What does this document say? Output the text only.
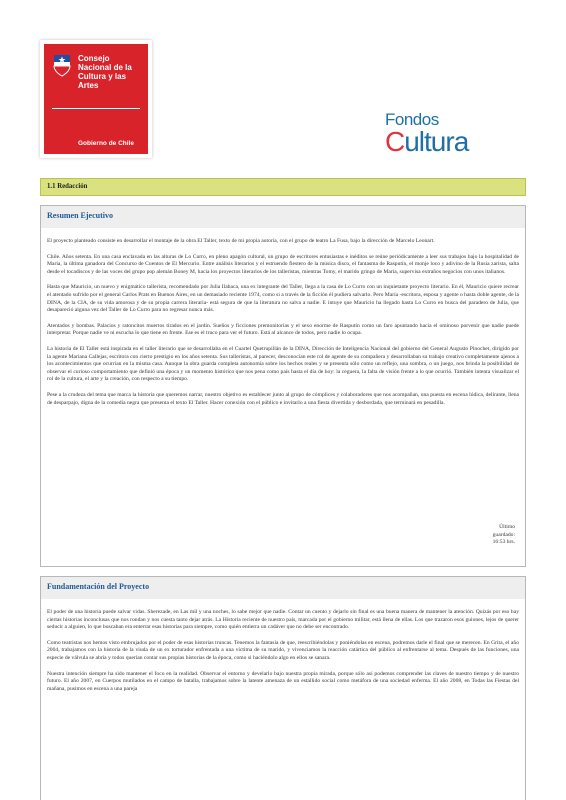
Consejo Nacional de la Cultura y las Artes
Gobierno de Chile
Fondos
Cultura
1.1 Redacción
Resumen Ejecutivo

El proyecto planteado consiste en desarrollar el montaje de la obra El Taller, texto de mi propia autoría, con el grupo de teatro La Fusa, bajo la dirección de Marcelo Leonart.

Chile. Años setenta. En una casa enclavada en las alturas de Lo Curro, en pleno apagón cultural, un grupo de escritores entusiastas e inéditos se reúne periódicamente a leer sus trabajos bajo la hospitalidad de María, la última ganadora del Concurso de Cuentos de El Mercurio. Entre análisis literarios y el estruendo fiestero de la música disco, el fantasma de Rasputín, el monje loco y adivino de la Rusia zarista, salta desde el tocadiscos y de las voces del grupo pop alemán Boney M, hacia los proyectos literarios de los talleristas, mientras Tomy, el marido gringo de María, supervisa extraños negocios con unos italianos.

Hasta que Mauricio, un nuevo y enigmático tallerista, recomendado por Julia Ilabaca, una ex integrante del Taller, llega a la casa de Lo Curro con un inquietante proyecto literario. En él, Mauricio quiere recrear el atentado sufrido por el general Carlos Prats en Buenos Aires, en un demasiado reciente 1974, como si a través de la ficción él pudiera salvarlo. Pero María -escritora, esposa y agente o hasta doble agente, de la DINA, de la CIA, de su vida amorosa y de su propia carrera literaria- está segura de que la literatura no salva a nadie. E intuye que Mauricio ha llegado hasta Lo Curro en busca del paradero de Julia, que desapareció alguna vez del Taller de Lo Curro para no regresar nunca más.

Atentados y bombas. Palacios y ratoncitos muertos tirados en el jardín. Sueños y ficciones premonitorias y el sexo enorme de Rasputín como un faro apuntando hacia el ominoso porvenir que nadie puede interpretar. Porque nadie ve ni escucha lo que tiene en frente. Ese es el truco para ver el futuro. Está al alcance de todos, pero nadie lo ocupa.

La historia de El Taller está inspirada en el taller literario que se desarrollaba en el Cuartel Quetrupillán de la DINA, Dirección de Inteligencia Nacional del gobierno del General Augusto Pinochet, dirigido por la agente Mariana Callejas, escritora con cierto prestigio en los años setenta. Sus talleristas, al parecer, desconocían este rol de agente de su compañera y desarrollaban su trabajo creativo completamente ajenos a los acontecimientos que ocurrían en la misma casa. Aunque la obra guarda completa autonomía sobre los hechos reales y se presenta sólo como un reflejo, una sombra, o un juego, nos brinda la posibilidad de observar el curioso comportamiento que definió una época y un momento histórico que nos pena como país hasta el día de hoy: la ceguera, la falta de visión frente a lo que ocurrió. También intenta visualizar el rol de la cultura, el arte y la creación, con respecto a su tiempo.

Pese a la crudeza del tema que marca la historia que queremos narrar, nuestro objetivo es establecer junto al grupo de cómplices y colaboradores que nos acompañan, una puesta en escena lúdica, delirante, llena de desparpajo, digna de la comedia negra que presenta el texto El Taller. Hacer conexión con el público e invitarlo a una fiesta divertida y desbordada, que terminará en pesadilla.

Último guardado: 16:53 hrs.
Fundamentación del Proyecto

El poder de una historia puede salvar vidas. Sherezade, en Las mil y una noches, lo sabe mejor que nadie. Contar un cuento y dejarlo sin final es una buena manera de mantener la atención. Quizás por eso hay ciertas historias inconclusas que nos rondan y nos cuesta tanto dejar atrás. La Historia reciente de nuestro país, marcada por el gobierno militar, está llena de ellas. Los que trazaron esos guiones, lejos de querer seducir a alguien, lo que buscaban era enterrar esas historias para siempre, como quién entierra un cadáver que no debe ser encontrado.

Como teatristas nos hemos visto embrujados por el poder de esas historias truncas. Tenemos la fantasía de que, reescribiéndolas y poniéndolas en escena, podremos darle el final que se merecen. En Grita, el año 2004, trabajamos con la historia de la viuda de un ex torturador enfrentada a una víctima de su marido, y vivenciamos la reacción catártica del público al enfrentarse al tema. Después de las funciones, una especie de válvula se abría y todos querían contar sus propias historias de la época, como si haciéndolo algo en ellos se sanara.

Nuestra intención siempre ha sido mantener el foco en la realidad. Observar el entorno y develarlo bajo nuestra propia mirada, porque sólo así podemos comprender las claves de nuestro tiempo y de nuestro futuro. El año 2007, en Cuerpos mutilados en el campo de batalla, trabajamos sobre la latente amenaza de un estallido social como metáfora de una sociedad enferma. El año 2008, en Todas las Fiestas del mañana, pusimos en escena a una pareja
